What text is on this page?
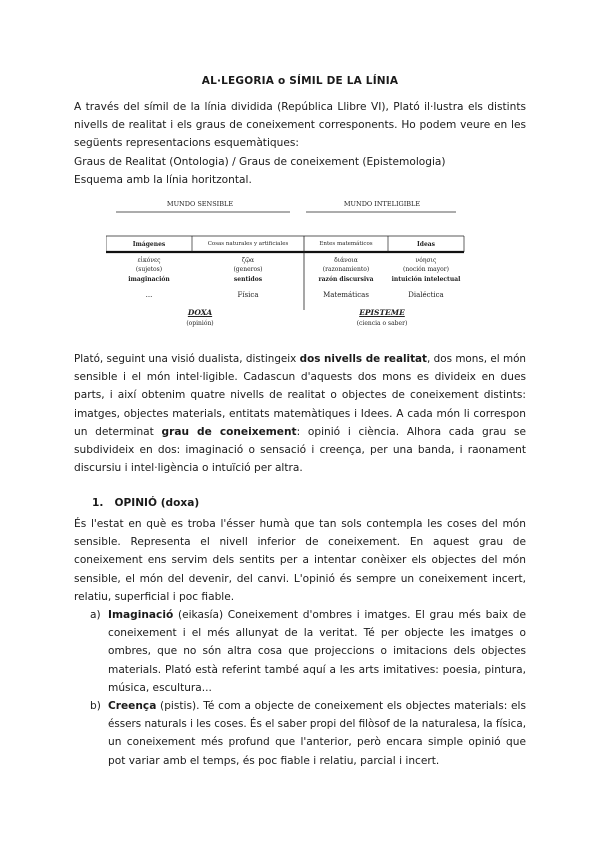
AL·LEGORIA o SÍMIL DE LA LÍNIA
A través del símil de la línia dividida (República Llibre VI), Plató il·lustra els distints
nivells de realitat i els graus de coneixement corresponents. Ho podem veure en les
següents representacions esquemàtiques:
Graus de Realitat (Ontologia) / Graus de coneixement (Epistemologia)
Esquema amb la línia horitzontal.
MUNDO SENSIBLE	MUNDO INTELIGIBLE
Imágenes	Cosas naturales y artificiales	Entes matemáticos	Ideas
εἰκόνες	ζῷα	διάνοια	νόησις
(sujetos)	(generos)	(razonamiento)	(noción mayor)
imaginación	sentidos	razón discursiva	intuición intelectual
...	Física	Matemáticas	Dialéctica
DOXA
(opinión)
EPISTEME
(ciencia o saber)
Plató, seguint una visió dualista, distingeix dos nivells de realitat, dos mons, el món
sensible i el món intel·ligible. Cadascun d'aquests dos mons es divideix en dues
parts, i així obtenim quatre nivells de realitat o objectes de coneixement distints:
imatges, objectes materials, entitats matemàtiques i Idees. A cada món li correspon
un determinat grau de coneixement: opinió i ciència. Alhora cada grau se
subdivideix en dos: imaginació o sensació i creença, per una banda, i raonament
discursiu i intel·ligència o intuïció per altra.
1. OPINIÓ (doxa)
És l'estat en què es troba l'ésser humà que tan sols contempla les coses del món
sensible. Representa el nivell inferior de coneixement. En aquest grau de
coneixement ens servim dels sentits per a intentar conèixer els objectes del món
sensible, el món del devenir, del canvi. L'opinió és sempre un coneixement incert,
relatiu, superficial i poc fiable.
a) Imaginació (eikasía) Coneixement d'ombres i imatges. El grau més baix de
coneixement i el més allunyat de la veritat. Té per objecte les imatges o
ombres, que no són altra cosa que projeccions o imitacions dels objectes
materials. Plató està referint també aquí a les arts imitatives: poesia, pintura,
música, escultura...
b) Creença (pistis). Té com a objecte de coneixement els objectes materials: els
éssers naturals i les coses. És el saber propi del filòsof de la naturalesa, la física,
un coneixement més profund que l'anterior, però encara simple opinió que
pot variar amb el temps, és poc fiable i relatiu, parcial i incert.
